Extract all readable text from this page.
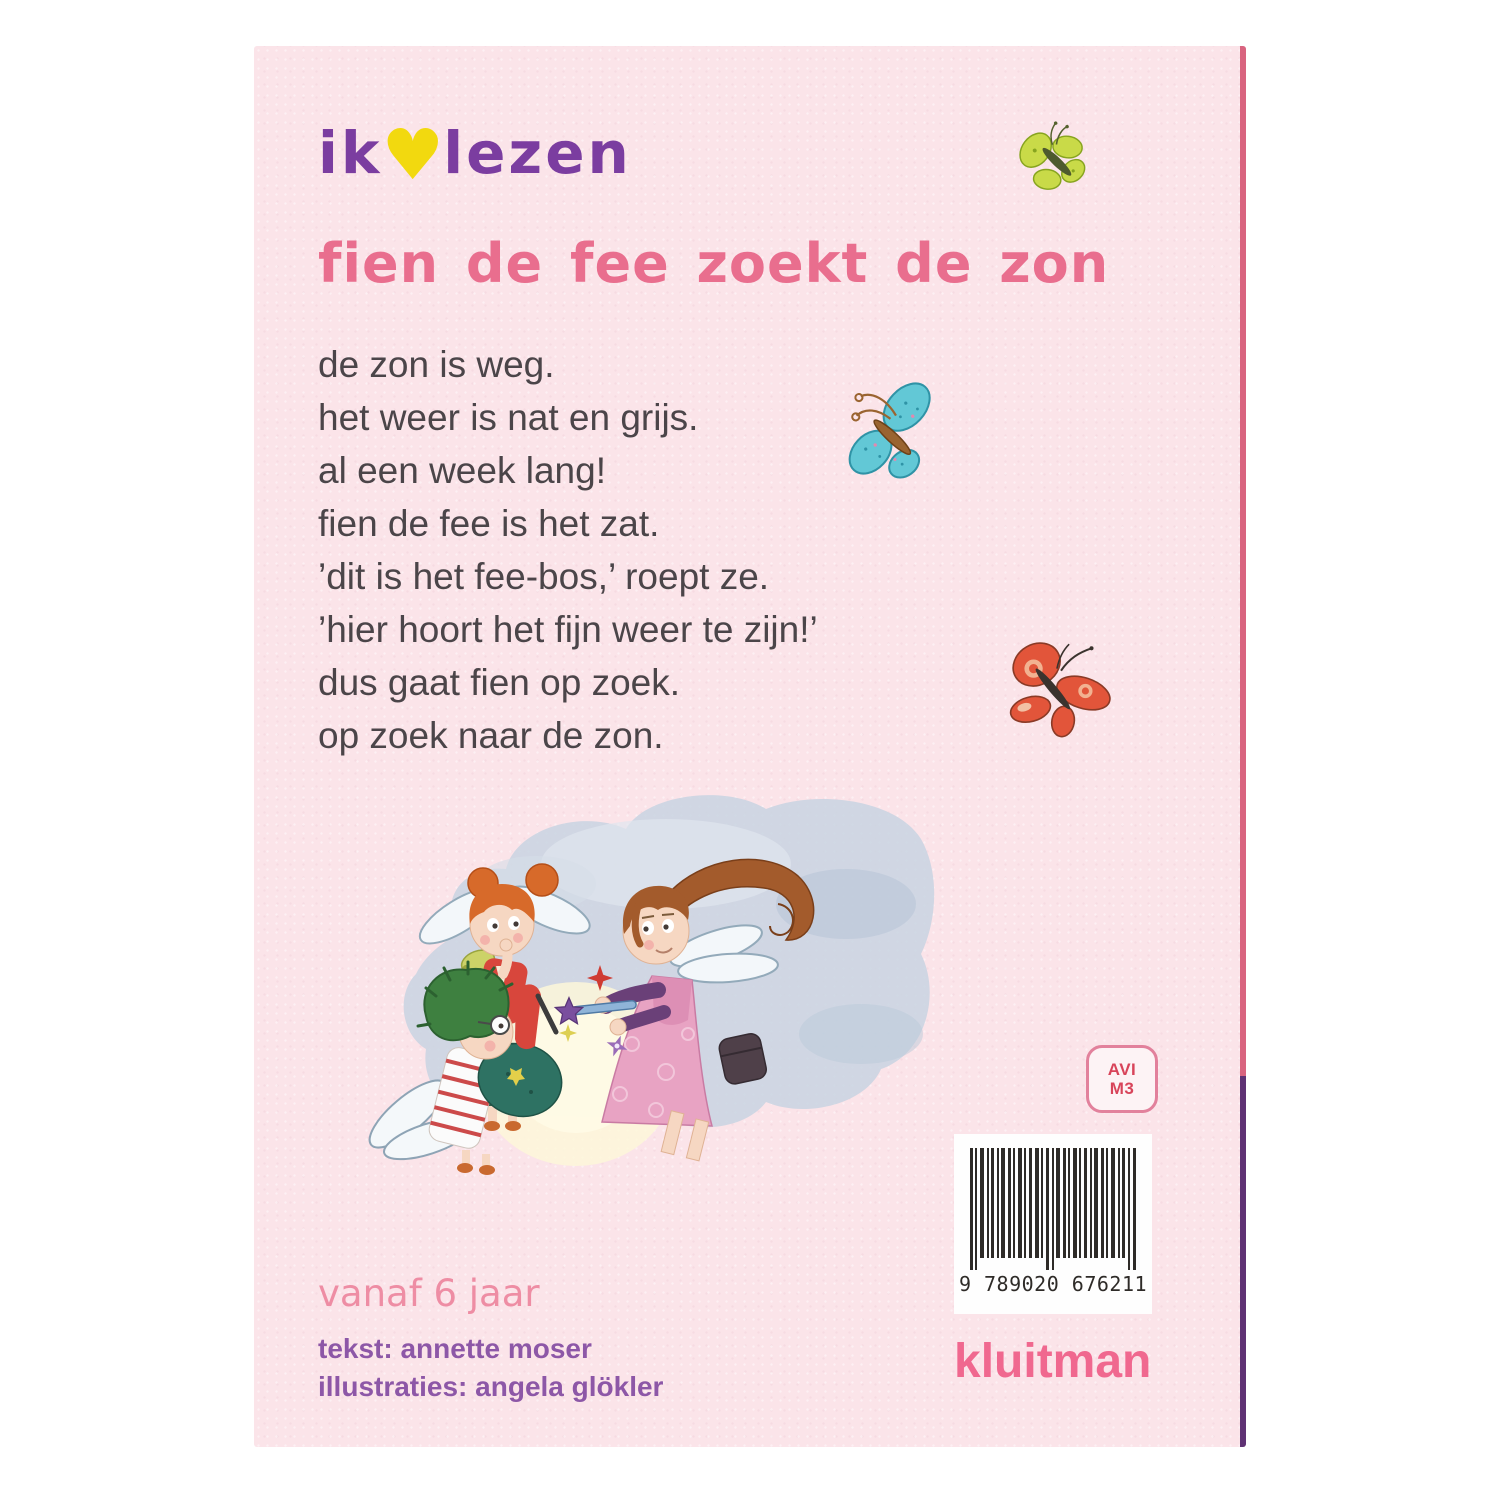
ik♥lezen
fien de fee zoekt de zon
de zon is weg.
het weer is nat en grijs.
al een week lang!
fien de fee is het zat.
’dit is het fee-bos,’ roept ze.
’hier hoort het fijn weer te zijn!’
dus gaat fien op zoek.
op zoek naar de zon.
AVI
M3
9 789020 676211
kluitman
vanaf 6 jaar
tekst: annette moser
illustraties: angela glökler
